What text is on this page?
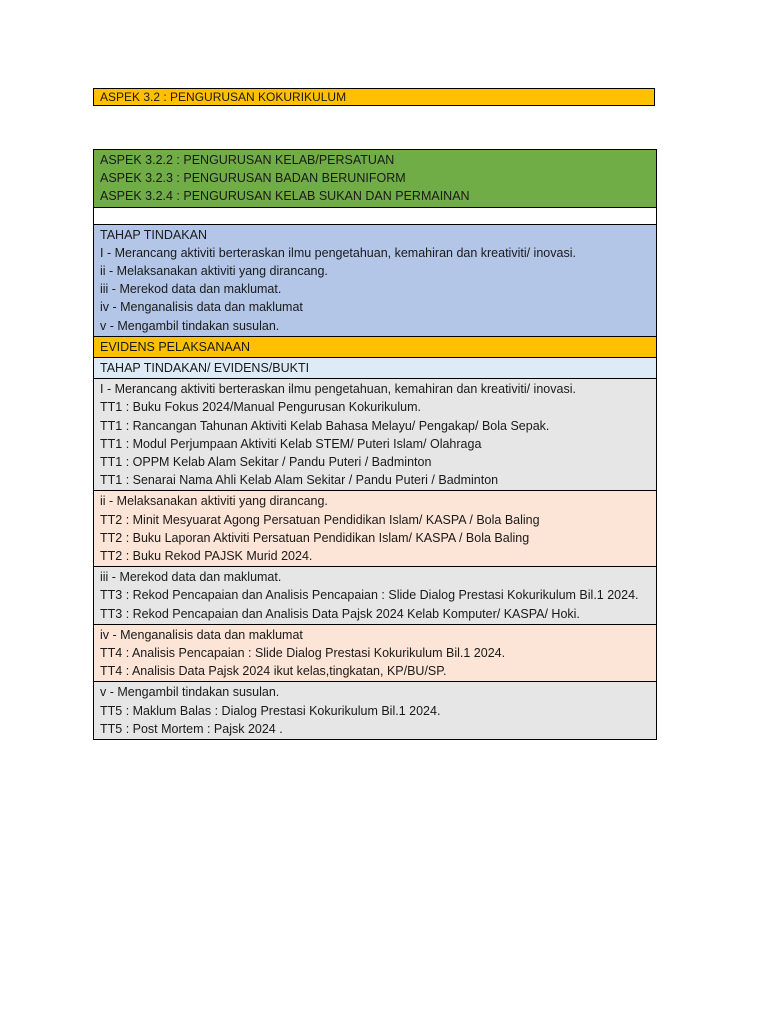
ASPEK 3.2 : PENGURUSAN KOKURIKULUM
ASPEK 3.2.2 : PENGURUSAN KELAB/PERSATUAN
ASPEK 3.2.3 : PENGURUSAN BADAN BERUNIFORM
ASPEK 3.2.4 : PENGURUSAN KELAB SUKAN DAN PERMAINAN
TAHAP TINDAKAN
I - Merancang aktiviti berteraskan ilmu pengetahuan, kemahiran dan kreativiti/ inovasi.
ii - Melaksanakan aktiviti yang dirancang.
iii - Merekod data dan maklumat.
iv - Menganalisis data dan maklumat
v - Mengambil tindakan susulan.
EVIDENS PELAKSANAAN
TAHAP TINDAKAN/ EVIDENS/BUKTI
I - Merancang aktiviti berteraskan ilmu pengetahuan, kemahiran dan kreativiti/ inovasi.
TT1 : Buku Fokus 2024/Manual Pengurusan Kokurikulum.
TT1 : Rancangan Tahunan Aktiviti Kelab Bahasa Melayu/ Pengakap/ Bola Sepak.
TT1 : Modul Perjumpaan Aktiviti Kelab STEM/ Puteri Islam/ Olahraga
TT1 : OPPM Kelab Alam Sekitar / Pandu Puteri / Badminton
TT1 : Senarai Nama Ahli Kelab Alam Sekitar / Pandu Puteri / Badminton
ii - Melaksanakan aktiviti yang dirancang.
TT2 : Minit Mesyuarat Agong Persatuan Pendidikan Islam/ KASPA / Bola Baling
TT2 : Buku Laporan Aktiviti Persatuan Pendidikan Islam/ KASPA / Bola Baling
TT2 : Buku Rekod PAJSK Murid 2024.
iii - Merekod data dan maklumat.
TT3 : Rekod Pencapaian dan Analisis Pencapaian : Slide Dialog Prestasi Kokurikulum Bil.1 2024.
TT3 : Rekod Pencapaian dan Analisis Data Pajsk 2024 Kelab Komputer/ KASPA/ Hoki.
iv - Menganalisis data dan maklumat
TT4 : Analisis Pencapaian : Slide Dialog Prestasi Kokurikulum Bil.1 2024.
TT4 : Analisis Data Pajsk 2024 ikut kelas,tingkatan, KP/BU/SP.
v - Mengambil tindakan susulan.
TT5 : Maklum Balas : Dialog Prestasi Kokurikulum Bil.1 2024.
TT5 : Post Mortem : Pajsk 2024 .
